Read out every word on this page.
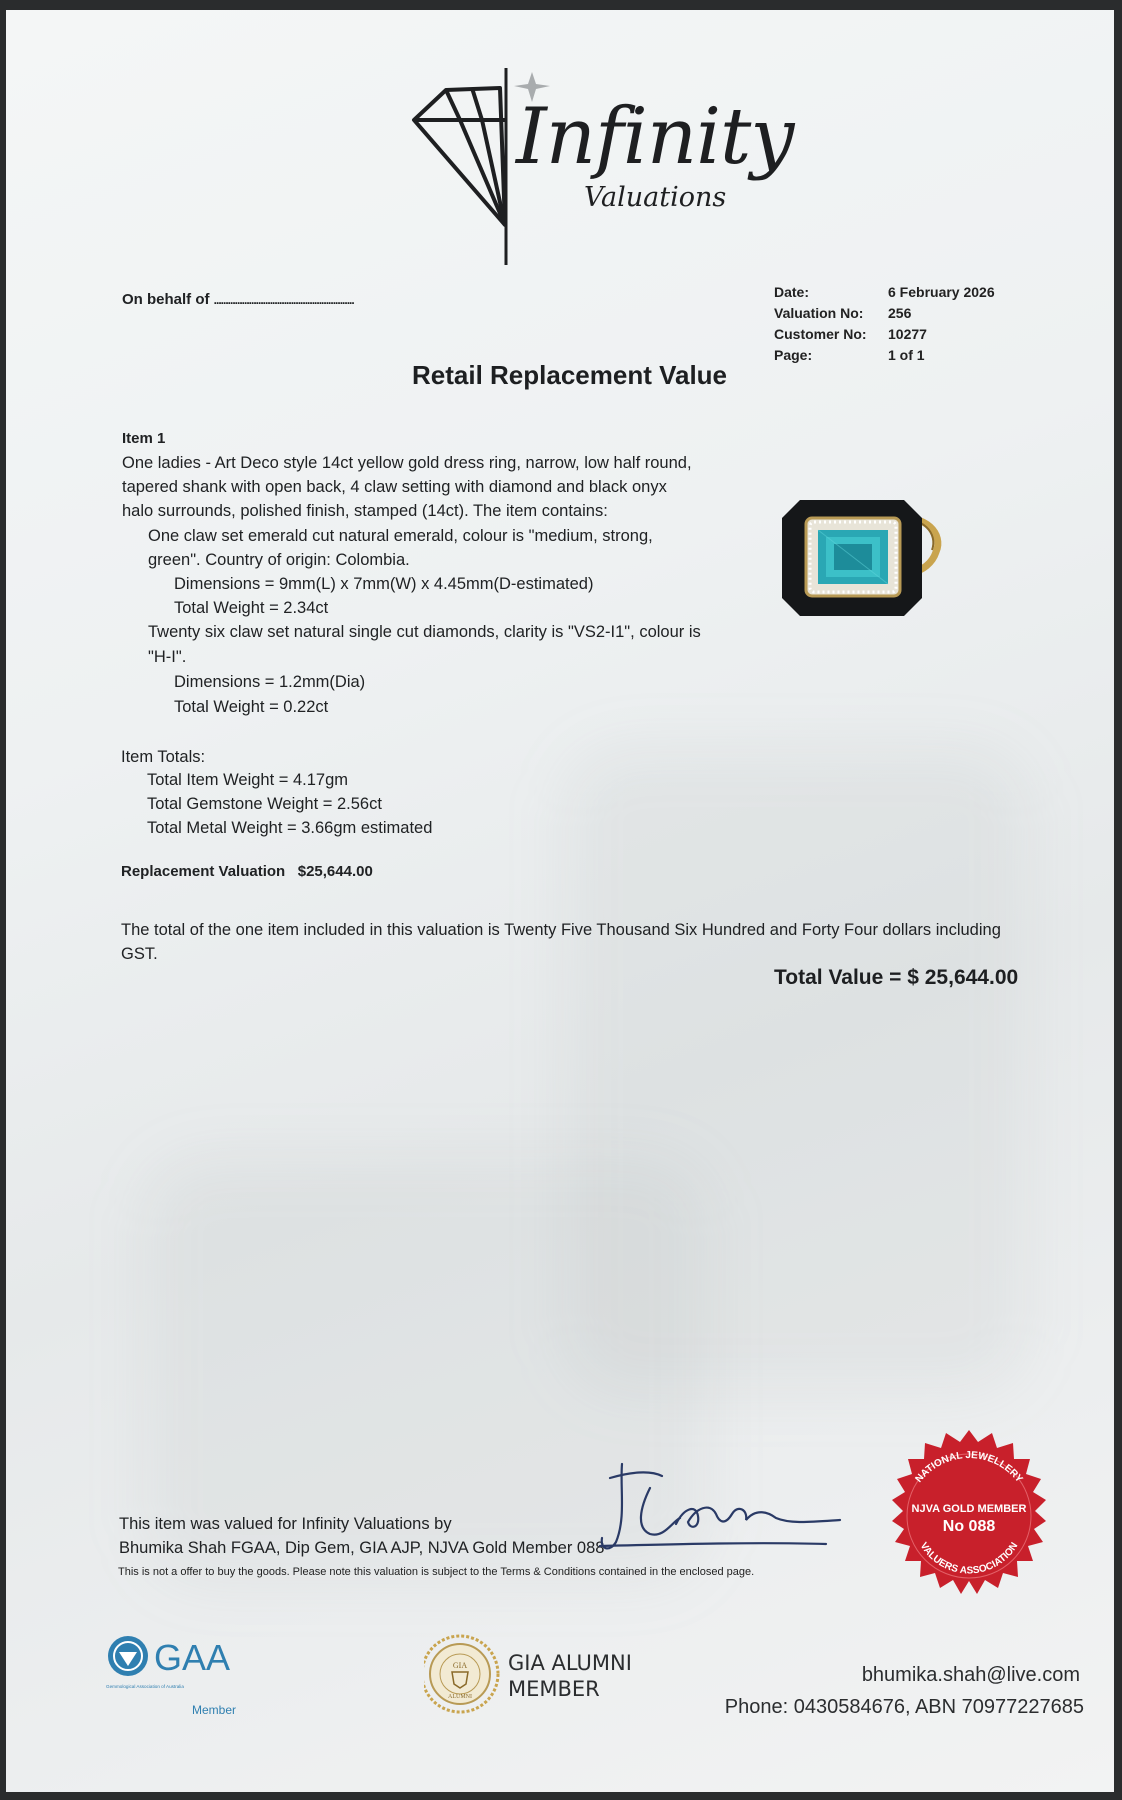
Infinity
Valuations
On behalf of ............................................................	Date:	6 February 2026
Valuation No: 256
Customer No: 10277
Page:	1 of 1
Retail Replacement Value
Item 1
One ladies - Art Deco style 14ct yellow gold dress ring, narrow, low half round,
tapered shank with open back, 4 claw setting with diamond and black onyx
halo surrounds, polished finish, stamped (14ct). The item contains:
One claw set emerald cut natural emerald, colour is "medium, strong,
green". Country of origin: Colombia.
Dimensions = 9mm(L) x 7mm(W) x 4.45mm(D-estimated)
Total Weight = 2.34ct
Twenty six claw set natural single cut diamonds, clarity is "VS2-I1", colour is
"H-I".
Dimensions = 1.2mm(Dia)
Total Weight = 0.22ct
Item Totals:
Total Item Weight = 4.17gm
Total Gemstone Weight = 2.56ct
Total Metal Weight = 3.66gm estimated
Replacement Valuation $25,644.00
The total of the one item included in this valuation is Twenty Five Thousand Six Hundred and Forty Four dollars including
GST.
Total Value = $ 25,644.00
This item was valued for Infinity Valuations by
Bhumika Shah FGAA, Dip Gem, GIA AJP, NJVA Gold Member 088
This is not a offer to buy the goods. Please note this valuation is subject to the Terms & Conditions contained in the enclosed page.
NATIONAL JEWELLERY
NJVA GOLD MEMBER
No 088
VALUERS ASSOCIATION
GAA
Gemmological Association of Australia
Member
GIA
ALUMNI
GIA ALUMNI
MEMBER
bhumika.shah@live.com
Phone: 0430584676, ABN 70977227685
